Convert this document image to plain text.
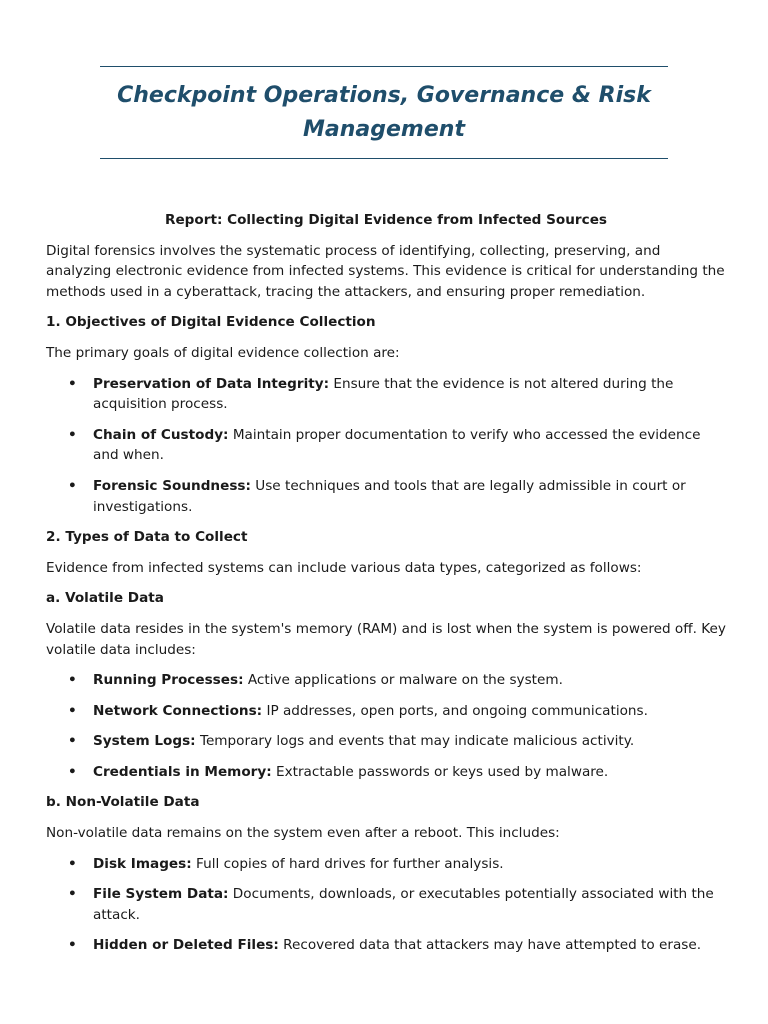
Checkpoint Operations, Governance & Risk Management
Report: Collecting Digital Evidence from Infected Sources

Digital forensics involves the systematic process of identifying, collecting, preserving, and analyzing electronic evidence from infected systems. This evidence is critical for understanding the methods used in a cyberattack, tracing the attackers, and ensuring proper remediation.

1. Objectives of Digital Evidence Collection

The primary goals of digital evidence collection are:

• Preservation of Data Integrity: Ensure that the evidence is not altered during the acquisition process.
• Chain of Custody: Maintain proper documentation to verify who accessed the evidence and when.
• Forensic Soundness: Use techniques and tools that are legally admissible in court or investigations.
2. Types of Data to Collect

Evidence from infected systems can include various data types, categorized as follows:

a. Volatile Data

Volatile data resides in the system's memory (RAM) and is lost when the system is powered off. Key volatile data includes:

• Running Processes: Active applications or malware on the system.
• Network Connections: IP addresses, open ports, and ongoing communications.
• System Logs: Temporary logs and events that may indicate malicious activity.
• Credentials in Memory: Extractable passwords or keys used by malware.
b. Non-Volatile Data

Non-volatile data remains on the system even after a reboot. This includes:

• Disk Images: Full copies of hard drives for further analysis.
• File System Data: Documents, downloads, or executables potentially associated with the attack.
• Hidden or Deleted Files: Recovered data that attackers may have attempted to erase.
